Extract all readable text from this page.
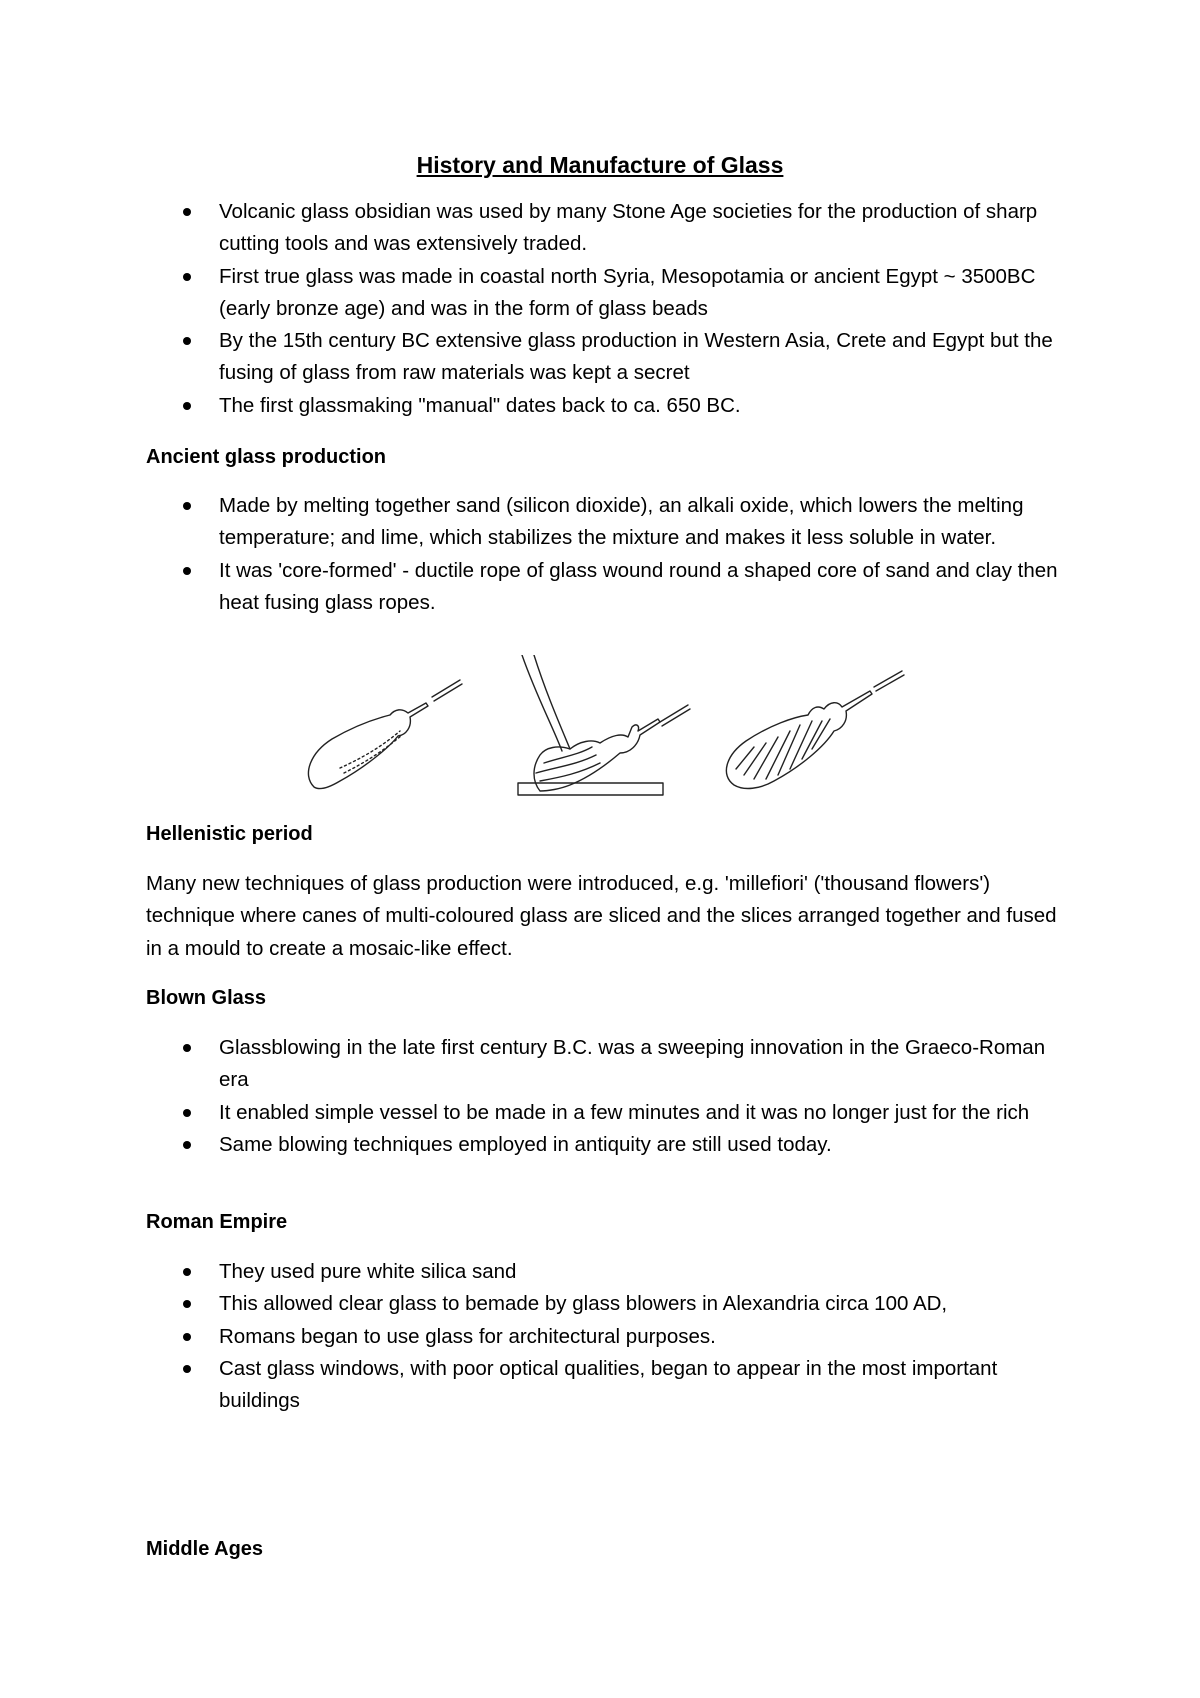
History and Manufacture of Glass
Volcanic glass obsidian was used by many Stone Age societies for the production of sharp cutting tools and was extensively traded.
First true glass was made in coastal north Syria, Mesopotamia or ancient Egypt ~ 3500BC (early bronze age) and was in the form of glass beads
By the 15th century BC extensive glass production in Western Asia, Crete and Egypt but the fusing of glass from raw materials was kept a secret
The first glassmaking "manual" dates back to ca. 650 BC.
Ancient glass production
Made by melting together sand (silicon dioxide), an alkali oxide, which lowers the melting temperature; and lime, which stabilizes the mixture and makes it less soluble in water.
It was 'core-formed' - ductile rope of glass wound round a shaped core of sand and clay then heat fusing glass ropes.
Hellenistic period
Many new techniques of glass production were introduced, e.g. 'millefiori' ('thousand flowers') technique where canes of multi-coloured glass are sliced and the slices arranged together and fused in a mould to create a mosaic-like effect.
Blown Glass
Glassblowing in the late first century B.C. was a sweeping innovation in the Graeco-Roman era
It enabled simple vessel to be made in a few minutes and it was no longer just for the rich
Same blowing techniques employed in antiquity are still used today.
Roman Empire
They used pure white silica sand
This allowed clear glass to bemade by glass blowers in Alexandria circa 100 AD,
Romans began to use glass for architectural purposes.
Cast glass windows, with poor optical qualities, began to appear in the most important buildings
Middle Ages
